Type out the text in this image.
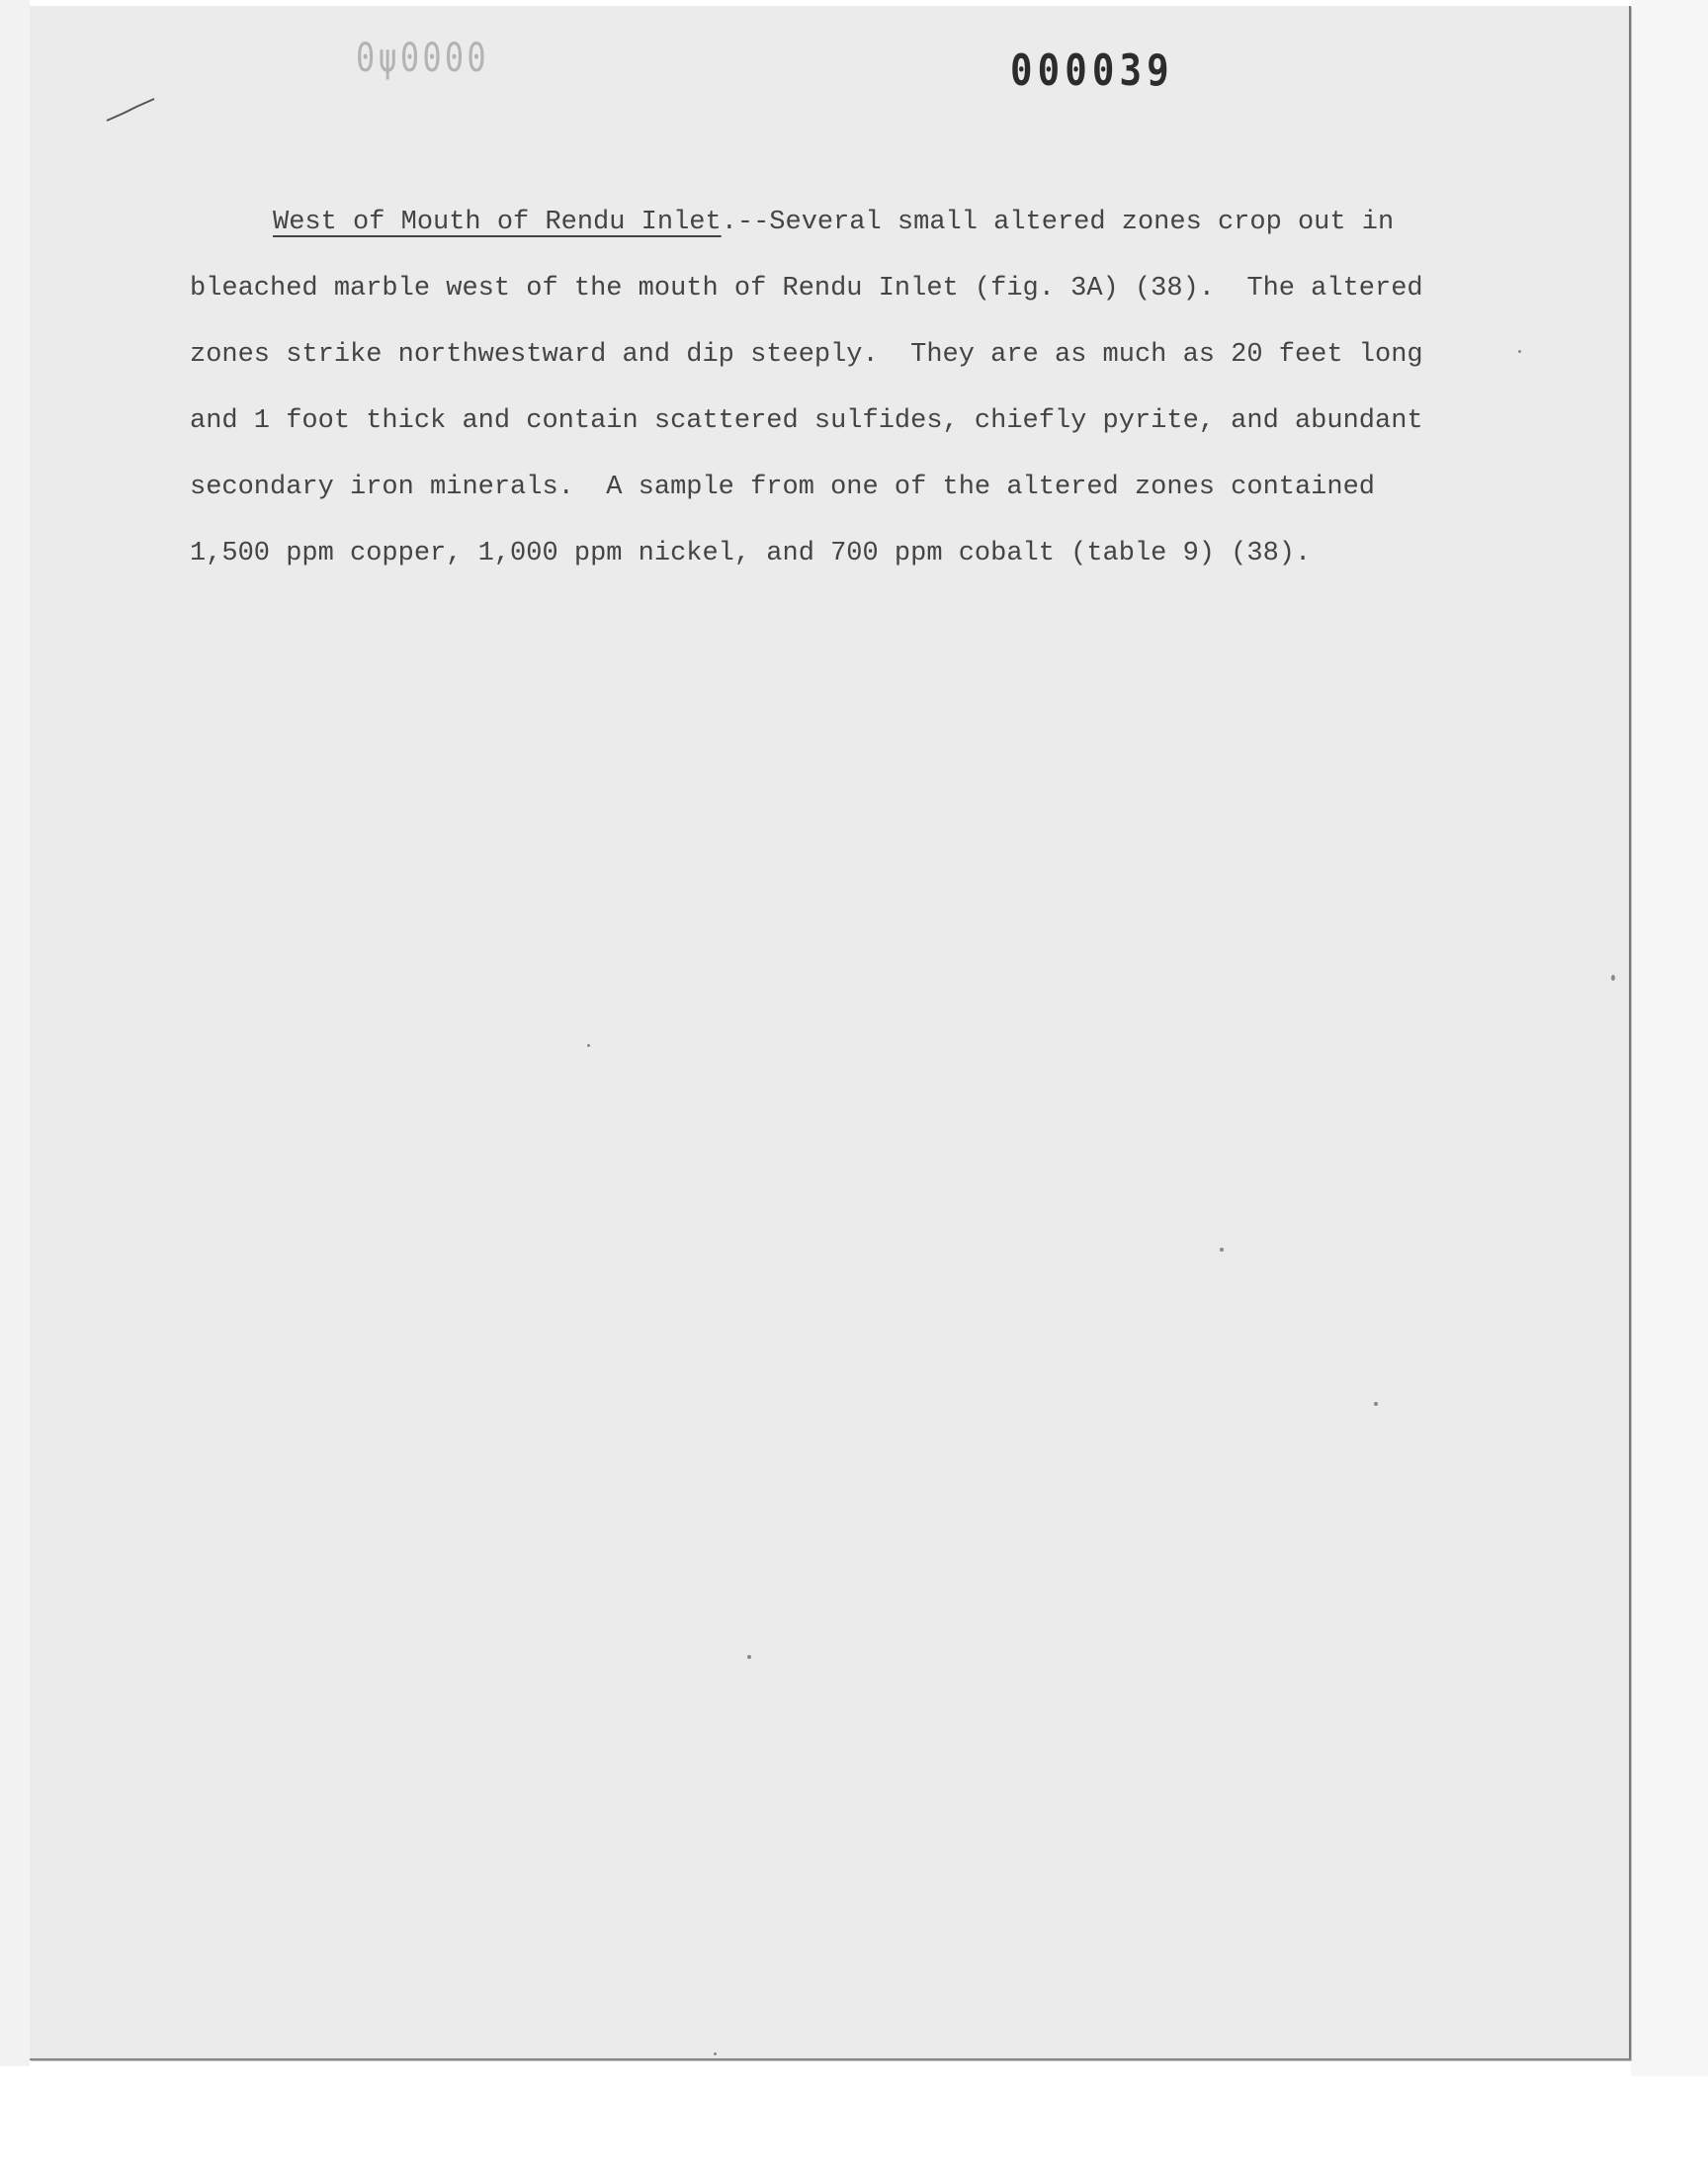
0ψ0000	000039
West of Mouth of Rendu Inlet.--Several small altered zones crop out in
bleached marble west of the mouth of Rendu Inlet (fig. 3A) (38).  The altered
zones strike northwestward and dip steeply.  They are as much as 20 feet long
and 1 foot thick and contain scattered sulfides, chiefly pyrite, and abundant
secondary iron minerals.  A sample from one of the altered zones contained
1,500 ppm copper, 1,000 ppm nickel, and 700 ppm cobalt (table 9) (38).
